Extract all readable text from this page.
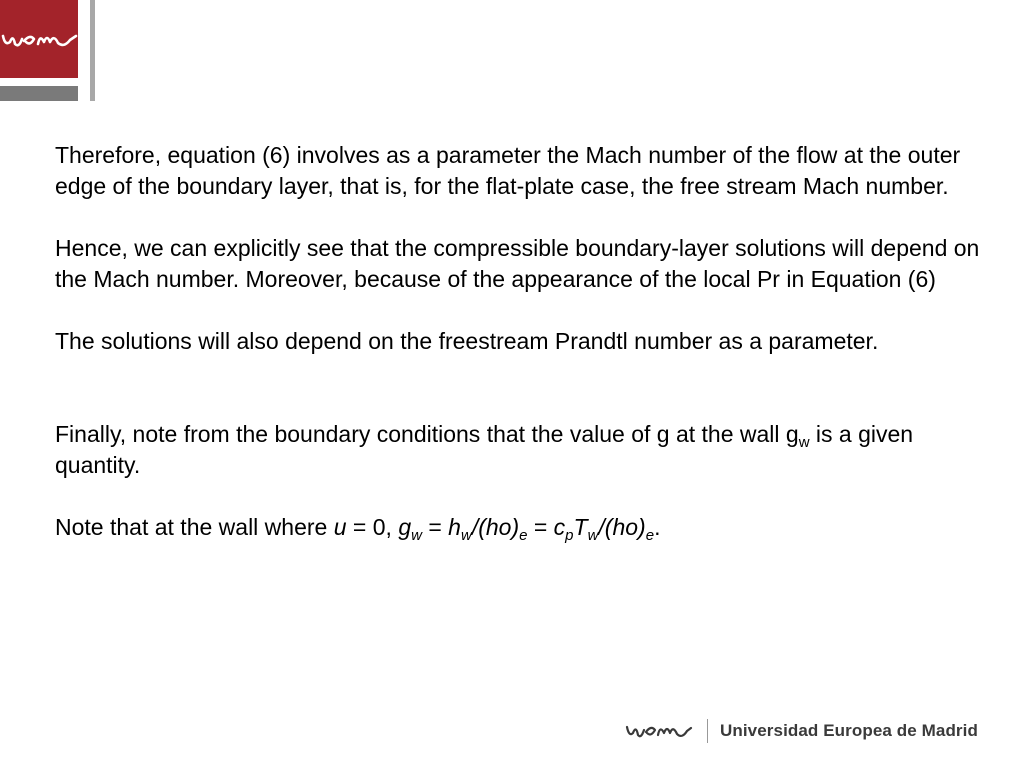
Therefore, equation (6) involves as a parameter the Mach number of the flow at the outer edge of the boundary layer, that is, for the flat-plate case, the free stream Mach number.

Hence, we can explicitly see that the compressible boundary-layer solutions will depend on the Mach number. Moreover, because of the appearance of the local Pr in Equation (6)

The solutions will also depend on the freestream Prandtl number as a parameter.

Finally, note from the boundary conditions that the value of g at the wall $g_w$ is a given quantity.

Note that at the wall where u = 0, $g_w = h_w/(ho)_e = c_pT_w/(ho)_e$.

Universidad Europea de Madrid
